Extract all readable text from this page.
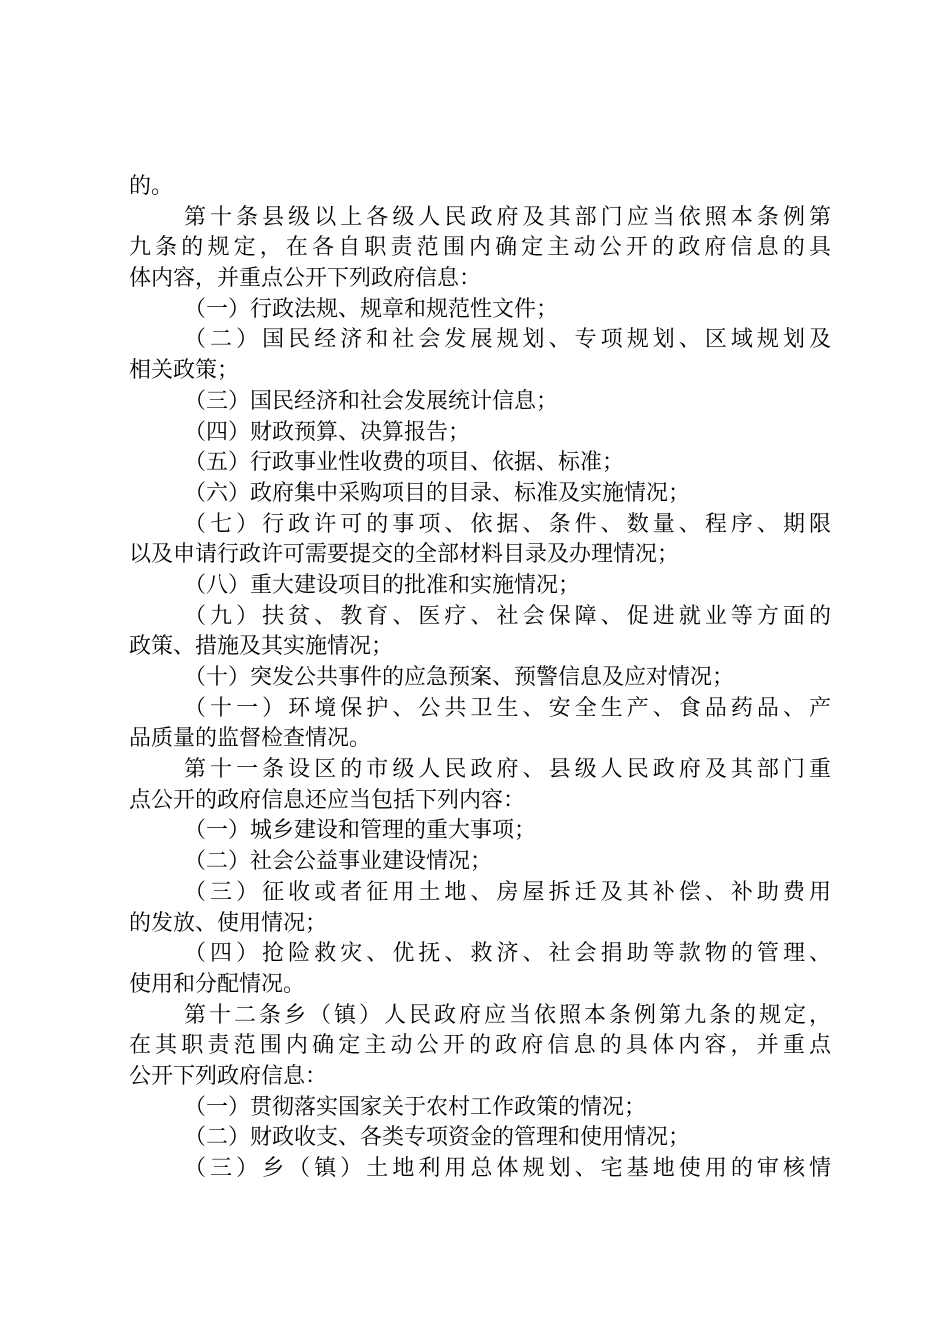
的。
第十条县级以上各级人民政府及其部门应当依照本条例第
九条的规定，在各自职责范围内确定主动公开的政府信息的具
体内容，并重点公开下列政府信息：
（一）行政法规、规章和规范性文件；
（二）国民经济和社会发展规划、专项规划、区域规划及
相关政策；
（三）国民经济和社会发展统计信息；
（四）财政预算、决算报告；
（五）行政事业性收费的项目、依据、标准；
（六）政府集中采购项目的目录、标准及实施情况；
（七）行政许可的事项、依据、条件、数量、程序、期限
以及申请行政许可需要提交的全部材料目录及办理情况；
（八）重大建设项目的批准和实施情况；
（九）扶贫、教育、医疗、社会保障、促进就业等方面的
政策、措施及其实施情况；
（十）突发公共事件的应急预案、预警信息及应对情况；
（十一）环境保护、公共卫生、安全生产、食品药品、产
品质量的监督检查情况。
第十一条设区的市级人民政府、县级人民政府及其部门重
点公开的政府信息还应当包括下列内容：
（一）城乡建设和管理的重大事项；
（二）社会公益事业建设情况；
（三）征收或者征用土地、房屋拆迁及其补偿、补助费用
的发放、使用情况；
（四）抢险救灾、优抚、救济、社会捐助等款物的管理、
使用和分配情况。
第十二条乡（镇）人民政府应当依照本条例第九条的规定，
在其职责范围内确定主动公开的政府信息的具体内容，并重点
公开下列政府信息：
（一）贯彻落实国家关于农村工作政策的情况；
（二）财政收支、各类专项资金的管理和使用情况；
（三）乡（镇）土地利用总体规划、宅基地使用的审核情
